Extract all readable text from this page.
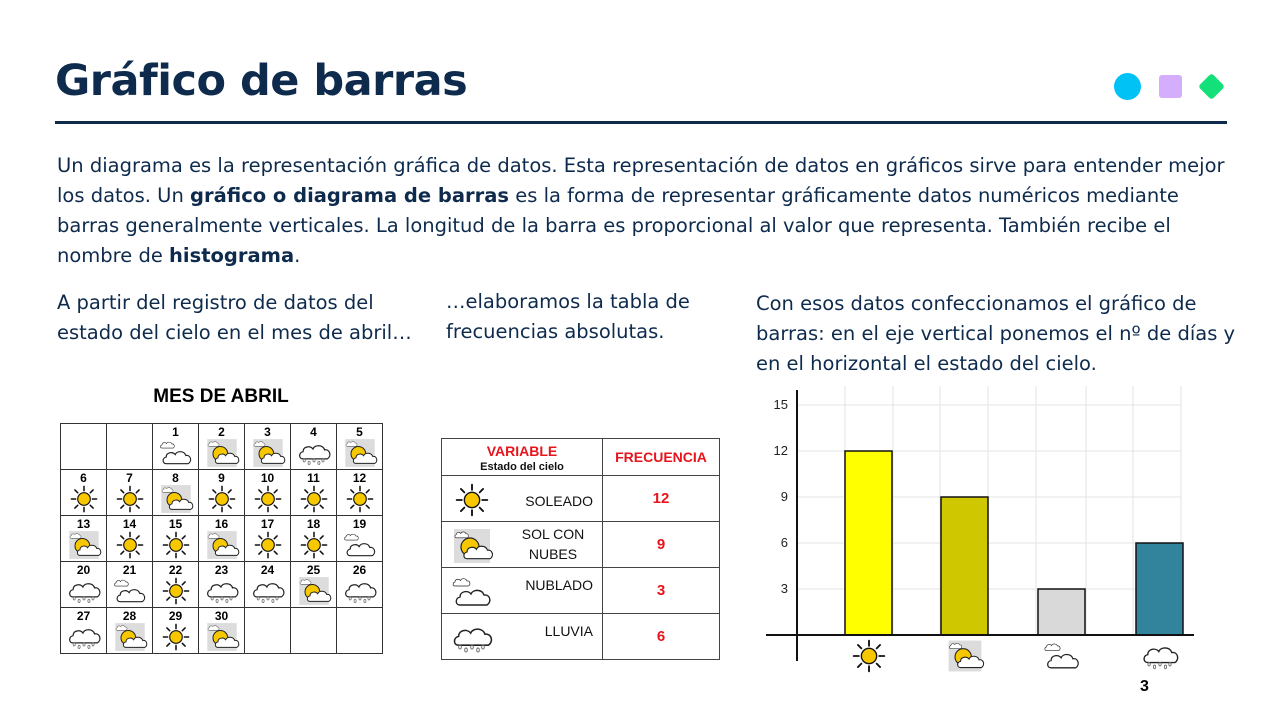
Gráfico de barras

Un diagrama es la representación gráfica de datos. Esta representación de datos en gráficos sirve para entender mejor los datos. Un gráfico o diagrama de barras es la forma de representar gráficamente datos numéricos mediante barras generalmente verticales. La longitud de la barra es proporcional al valor que representa. También recibe el nombre de histograma.

A partir del registro de datos del estado del cielo en el mes de abril…

…elaboramos la tabla de frecuencias absolutas.

Con esos datos confeccionamos el gráfico de barras: en el eje vertical ponemos el nº de días y en el horizontal el estado del cielo.

MES DE ABRIL

		1	2	3	4	5

6	7	8	9	10	11	12

13	14	15	16	17	18	19

20	21	22	23	24	25	26

27	28	29	30			

VARIABLE
Estado del cielo	FRECUENCIA

SOLEADO	12

SOL CON NUBES	9

NUBLADO	3

LLUVIA	6
3
6
9
12
15
3
